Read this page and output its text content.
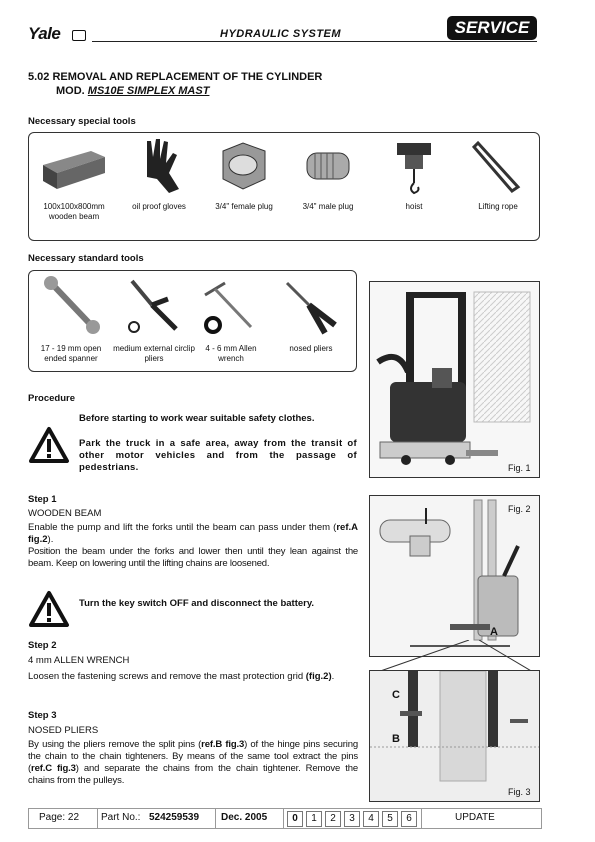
Yale	HYDRAULIC SYSTEM	SERVICE
5.02 REMOVAL AND REPLACEMENT OF THE CYLINDER
MOD. MS10E SIMPLEX MAST
Necessary special tools
100x100x800mm wooden beam
oil proof gloves	3/4" female plug	3/4" male plug	hoist	Lifting rope
Necessary standard tools
17 - 19 mm open ended spanner
medium external circlip pliers
4 - 6 mm Allen wrench
nosed pliers
Fig. 1
Procedure
Before starting to work wear suitable safety clothes.
Park the truck in a safe area, away from the transit of other motor vehicles and from the passage of pedestrians.
Step 1
WOODEN BEAM
Enable the pump and lift the forks until the beam can pass under them (ref.A fig.2).
Position the beam under the forks and lower then until they lean against the beam. Keep on lowering until the lifting chains are loosened.
Turn the key switch OFF and disconnect the battery.
Step 2
4 mm ALLEN WRENCH
Loosen the fastening screws and remove the mast protection grid (fig.2).
Step 3
NOSED PLIERS
By using the pliers remove the split pins (ref.B fig.3) of the hinge pins securing the chain to the chain tighteners. By means of the same tool extract the pins (ref.C fig.3) and separate the chains from the chain tightener. Remove the chains from the pulleys.
Fig. 2
A
C
B
Fig. 3
Page: 22 Part No.: 524259539 Dec. 2005	0	1	2	3	4	5	6	UPDATE
